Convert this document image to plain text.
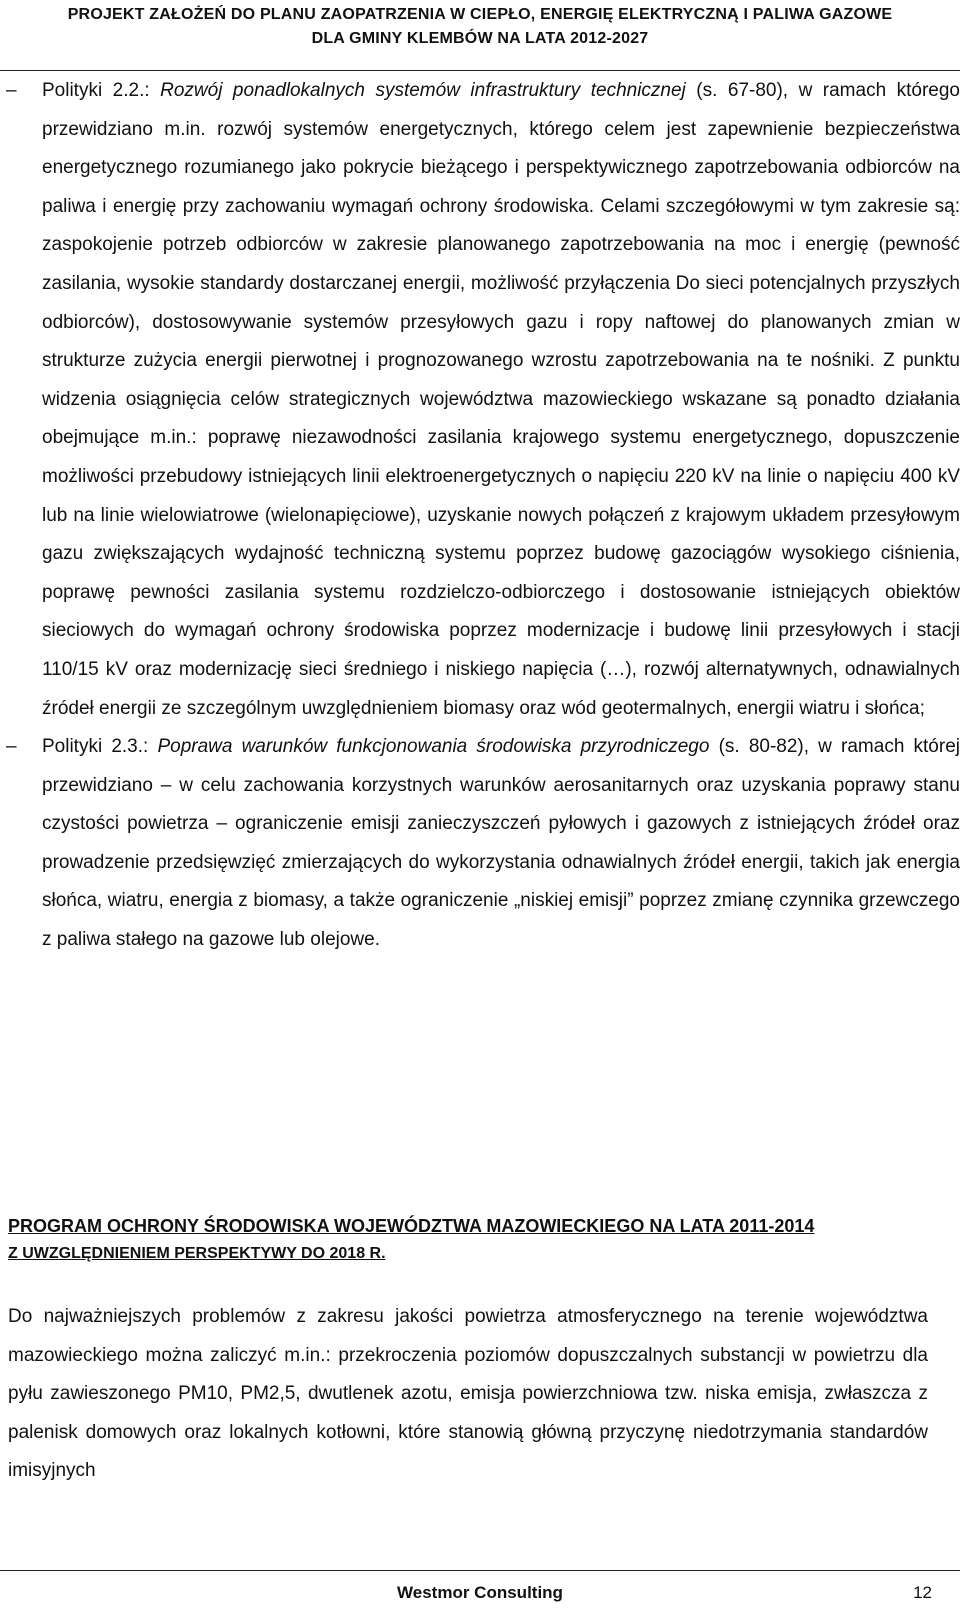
PROJEKT ZAŁOŻEŃ DO PLANU ZAOPATRZENIA W CIEPŁO, ENERGIĘ ELEKTRYCZNĄ I PALIWA GAZOWE
DLA GMINY KLEMBÓW NA LATA 2012-2027
– Polityki 2.2.: Rozwój ponadlokalnych systemów infrastruktury technicznej (s. 67-80), w ramach którego przewidziano m.in. rozwój systemów energetycznych, którego celem jest zapewnienie bezpieczeństwa energetycznego rozumianego jako pokrycie bieżącego i perspektywicznego zapotrzebowania odbiorców na paliwa i energię przy zachowaniu wymagań ochrony środowiska. Celami szczegółowymi w tym zakresie są: zaspokojenie potrzeb odbiorców w zakresie planowanego zapotrzebowania na moc i energię (pewność zasilania, wysokie standardy dostarczanej energii, możliwość przyłączenia Do sieci potencjalnych przyszłych odbiorców), dostosowywanie systemów przesyłowych gazu i ropy naftowej do planowanych zmian w strukturze zużycia energii pierwotnej i prognozowanego wzrostu zapotrzebowania na te nośniki. Z punktu widzenia osiągnięcia celów strategicznych województwa mazowieckiego wskazane są ponadto działania obejmujące m.in.: poprawę niezawodności zasilania krajowego systemu energetycznego, dopuszczenie możliwości przebudowy istniejących linii elektroenergetycznych o napięciu 220 kV na linie o napięciu 400 kV lub na linie wielowiatrowe (wielonapięciowe), uzyskanie nowych połączeń z krajowym układem przesyłowym gazu zwiększających wydajność techniczną systemu poprzez budowę gazociągów wysokiego ciśnienia, poprawę pewności zasilania systemu rozdzielczo-odbiorczego i dostosowanie istniejących obiektów sieciowych do wymagań ochrony środowiska poprzez modernizacje i budowę linii przesyłowych i stacji 110/15 kV oraz modernizację sieci średniego i niskiego napięcia (…), rozwój alternatywnych, odnawialnych źródeł energii ze szczególnym uwzględnieniem biomasy oraz wód geotermalnych, energii wiatru i słońca;
– Polityki 2.3.: Poprawa warunków funkcjonowania środowiska przyrodniczego (s. 80-82), w ramach której przewidziano – w celu zachowania korzystnych warunków aerosanitarnych oraz uzyskania poprawy stanu czystości powietrza – ograniczenie emisji zanieczyszczeń pyłowych i gazowych z istniejących źródeł oraz prowadzenie przedsięwzięć zmierzających do wykorzystania odnawialnych źródeł energii, takich jak energia słońca, wiatru, energia z biomasy, a także ograniczenie „niskiej emisji” poprzez zmianę czynnika grzewczego z paliwa stałego na gazowe lub olejowe.
PROGRAM OCHRONY ŚRODOWISKA WOJEWÓDZTWA MAZOWIECKIEGO NA LATA 2011-2014
Z UWZGLĘDNIENIEM PERSPEKTYWY DO 2018 R.
Do najważniejszych problemów z zakresu jakości powietrza atmosferycznego na terenie województwa mazowieckiego można zaliczyć m.in.: przekroczenia poziomów dopuszczalnych substancji w powietrzu dla pyłu zawieszonego PM10, PM2,5, dwutlenek azotu, emisja powierzchniowa tzw. niska emisja, zwłaszcza z palenisk domowych oraz lokalnych kotłowni, które stanowią główną przyczynę niedotrzymania standardów imisyjnych
Westmor Consulting	12
